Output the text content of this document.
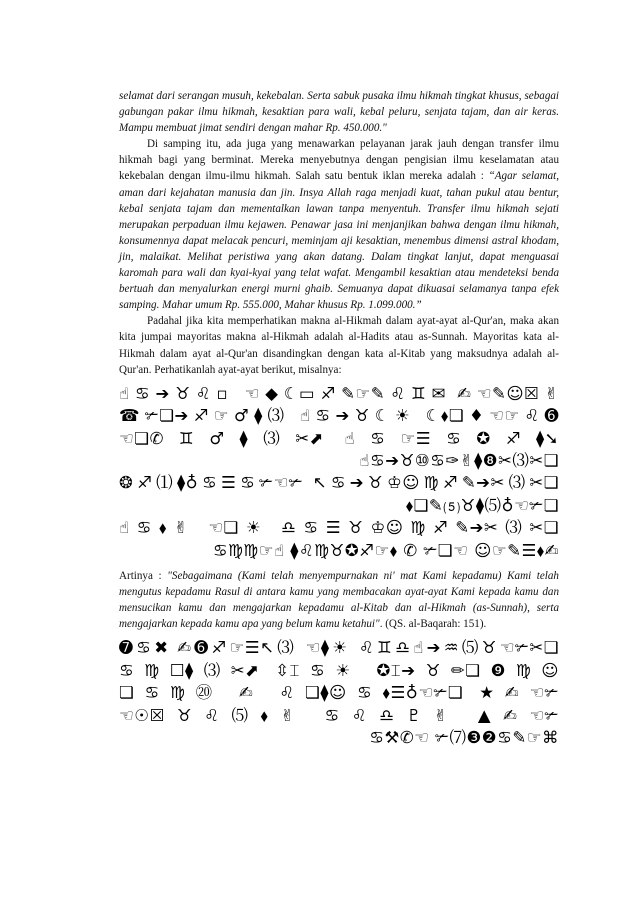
selamat dari serangan musuh, kekebalan. Serta sabuk pusaka ilmu hikmah tingkat khusus, sebagai gabungan pakar ilmu hikmah, kesaktian para wali, kebal peluru, senjata tajam, dan air keras. Mampu membuat jimat sendiri dengan mahar Rp. 450.000."

Di samping itu, ada juga yang menawarkan pelayanan jarak jauh dengan transfer ilmu hikmah bagi yang berminat. Mereka menyebutnya dengan pengisian ilmu keselamatan atau kekebalan dengan ilmu-ilmu hikmah. Salah satu bentuk iklan mereka adalah : “Agar selamat, aman dari kejahatan manusia dan jin. Insya Allah raga menjadi kuat, tahan pukul atau bentur, kebal senjata tajam dan mementalkan lawan tanpa menyentuh. Transfer ilmu hikmah sejati merupakan perpaduan ilmu kejawen. Penawar jasa ini menjanjikan bahwa dengan ilmu hikmah, konsumennya dapat melacak pencuri, meminjam aji kesaktian, menembus dimensi astral khodam, jin, malaikat. Melihat peristiwa yang akan datang. Dalam tingkat lanjut, dapat menguasai karomah para wali dan kyai-kyai yang telat wafat. Mengambil kesaktian atau mendeteksi benda bertuah dan menyalurkan energi murni ghaib. Semuanya dapat dikuasai selamanya tanpa efek samping. Mahar umum Rp. 555.000, Mahar khusus Rp. 1.099.000.”

Padahal jika kita memperhatikan makna al-Hikmah dalam ayat-ayat al-Qur'an, maka akan kita jumpai mayoritas makna al-Hikmah adalah al-Hadits atau as-Sunnah. Mayoritas kata al-Hikmah dalam ayat al-Qur'an disandingkan dengan kata al-Kitab yang maksudnya adalah al-Qur'an. Perhatikanlah ayat-ayat berikut, misalnya:

☝♋➔♉♌▫ ☜◆☾▭♐✎☞✎♌♊✉ ✍☜✎☺☒✌
☎✃❏➔♐☞♂⧫⑶ ☝♋➔♉☾☀ ☾⬧❏♦☜☞♌➏
☜❏✆♊♂⧫⑶✂⬈ ☝♋☞☰♋✪♐⧫➘
☝♋➔♉⑩♋✑✌⧫❽✂⑶✂❏
❂♐⑴⧫♁♋☰♋✃☜✃ ↖♋➔♉♔☺♍♐✎➔✂⑶✂❏
⬧❏✎⑸♉⧫⑸♁☜✃❏
☝♋⬧✌ ☜❏☀ ♎♋☰♉♔☺♍♐✎➔✂⑶✂❏
♋♍♍☞☝ ⧫♌♍♉✪♐☞⬧ ✆ ✃❏☜ ☺☞✎☰⬧✍

Artinya : "Sebagaimana (Kami telah menyempurnakan ni' mat Kami kepadamu) Kami telah mengutus kepadamu Rasul di antara kamu yang membacakan ayat-ayat Kami kepada kamu dan mensucikan kamu dan mengajarkan kepadamu al-Kitab dan al-Hikmah (as-Sunnah), serta mengajarkan kepada kamu apa yang belum kamu ketahui". (QS. al-Baqarah: 151).

➐♋✖ ✍➏♐☞☰↖⑶ ☜⧫☀ ♌♊♎☝➔♒⑸♉☜✃✂❏
♋♍☐⧫⑶✂⬈ ⇳⌶♋☀ ✪⌶➔♉✏❏❾♍☺
❏♋♍⑳ ✍ ♌❏⧫☺♋⬧☰♁☜✃❏ ★✍☜✃
☜☉☒♉♌⑸⬧✌ ♋♌♎♇✌ ▲✍☜✃
♋⚒✆☜ ✃⑺❸❷♋✎☞⌘
